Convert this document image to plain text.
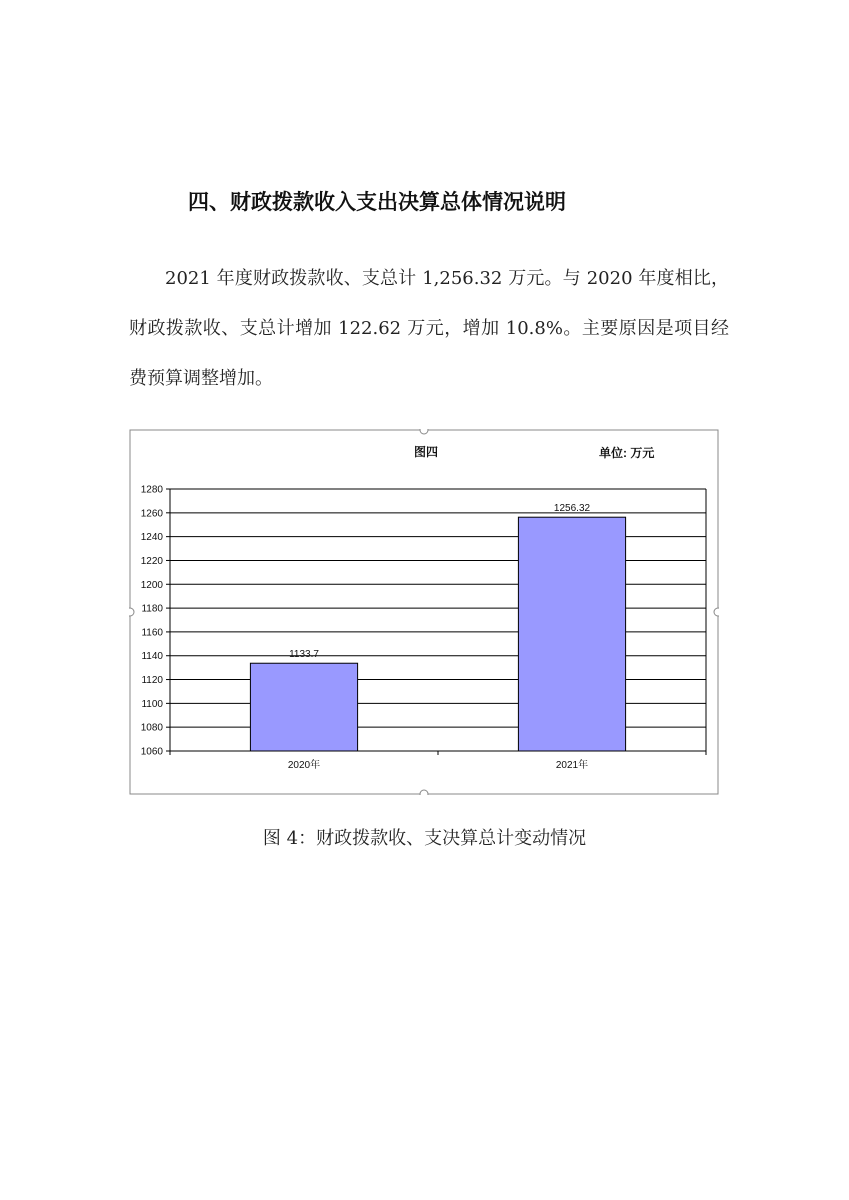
四、财政拨款收入支出决算总体情况说明

2021 年度财政拨款收、支总计 1,256.32 万元。与 2020 年度相比，财政拨款收、支总计增加 122.62 万元，增加 10.8%。主要原因是项目经费预算调整增加。

图四	单位: 万元
1060
1080
1100
1120
1140
1160
1180
1200
1220
1240
1260
1280
1133.7
2020年
1256.32
2021年
图 4：财政拨款收、支决算总计变动情况
